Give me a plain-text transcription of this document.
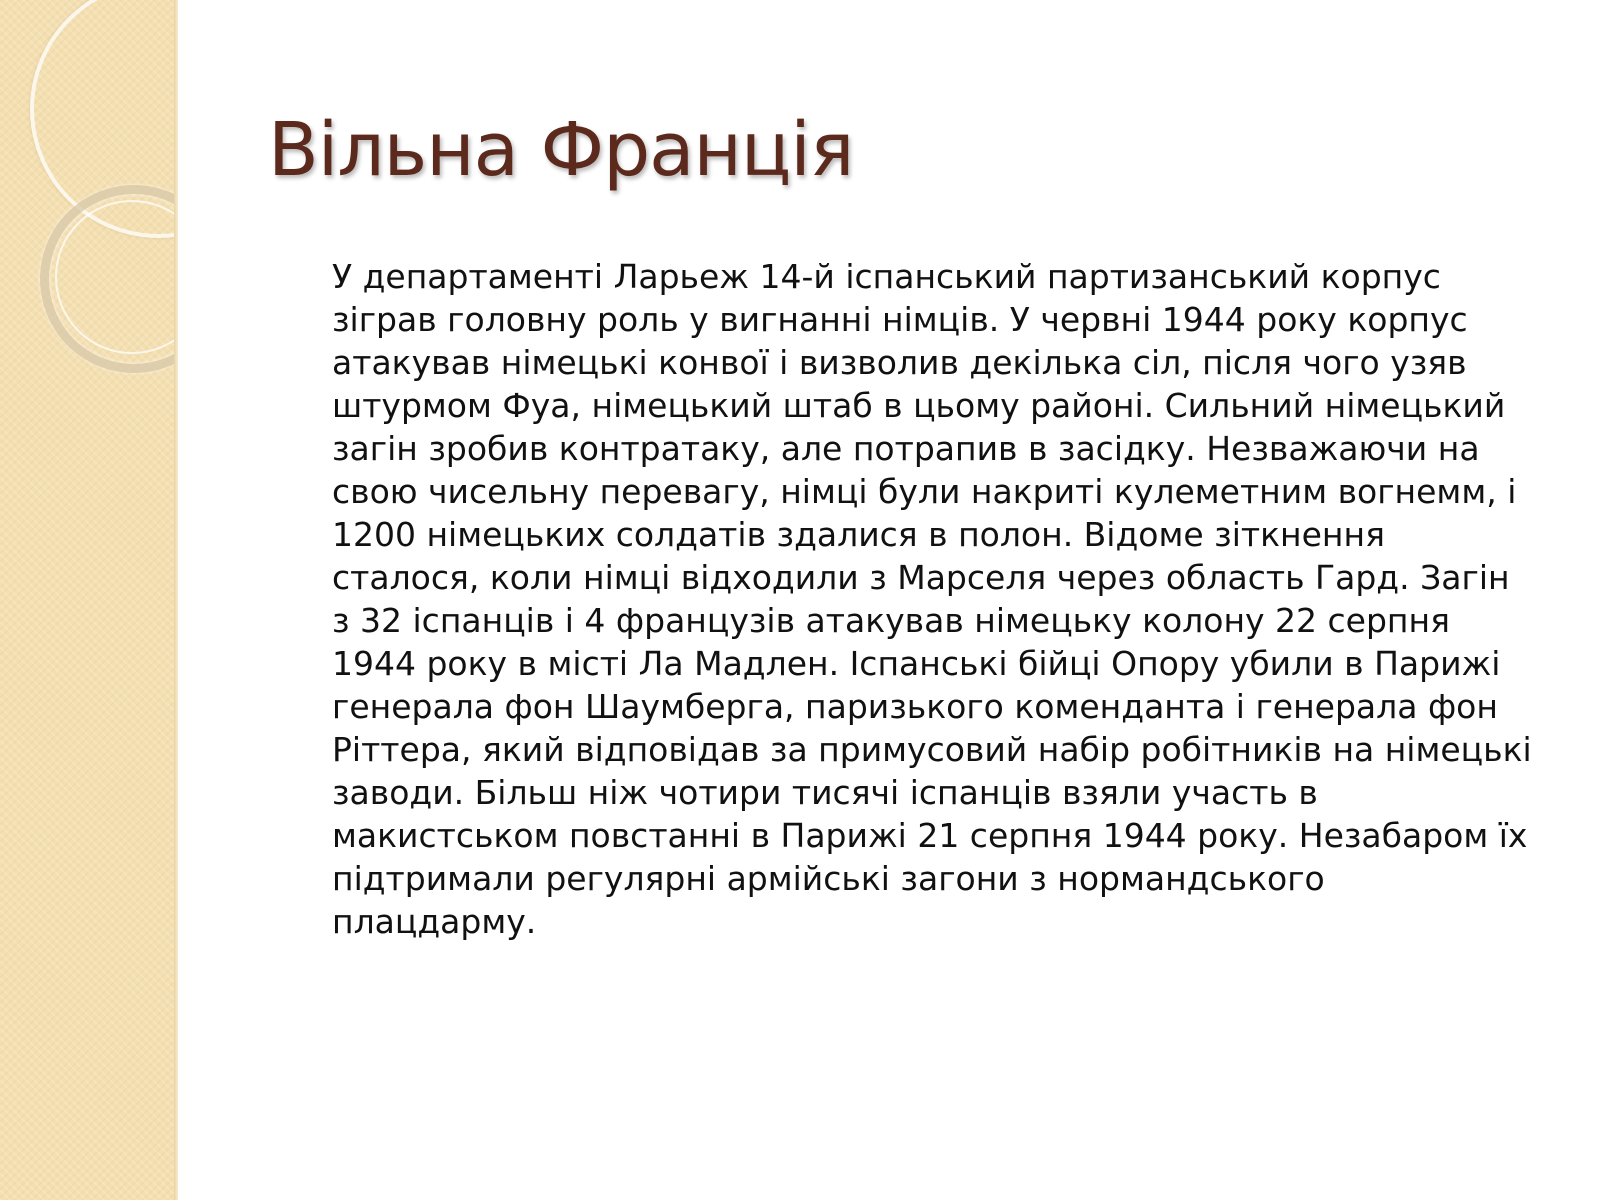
Вільна Франція

У департаменті Ларьеж 14-й іспанський партизанський корпус зіграв головну роль у вигнанні німців. У червні 1944 року корпус атакував німецькі конвої і визволив декілька сіл, після чого узяв штурмом Фуа, німецький штаб в цьому районі. Сильний німецький загін зробив контратаку, але потрапив в засідку. Незважаючи на свою чисельну перевагу, німці були накриті кулеметним вогнемм, і 1200 німецьких солдатів здалися в полон. Відоме зіткнення сталося, коли німці відходили з Марселя через область Гард. Загін з 32 іспанців і 4 французів атакував німецьку колону 22 серпня 1944 року в місті Ла Мадлен. Іспанські бійці Опору убили в Парижі генерала фон Шаумберга, паризького коменданта і генерала фон Ріттера, який відповідав за примусовий набір робітників на німецькі заводи. Більш ніж чотири тисячі іспанців взяли участь в макистськом повстанні в Парижі 21 серпня 1944 року. Незабаром їх підтримали регулярні армійські загони з нормандського плацдарму.
